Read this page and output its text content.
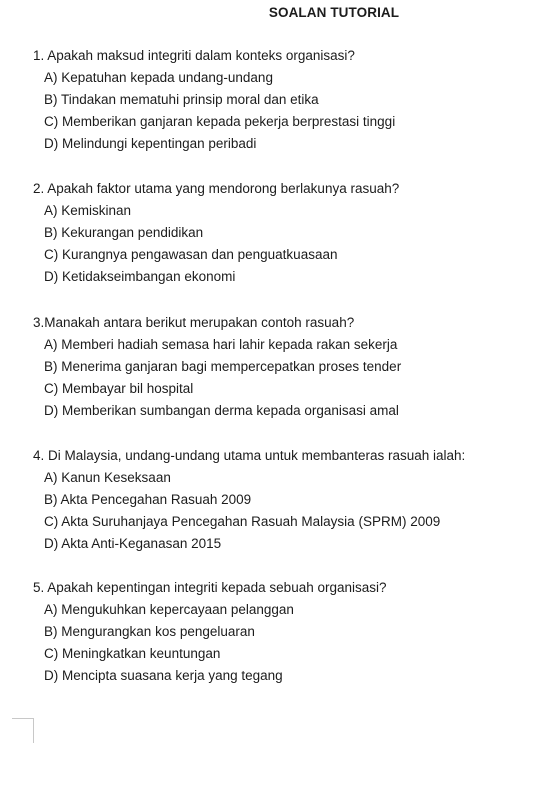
SOALAN TUTORIAL
1. Apakah maksud integriti dalam konteks organisasi?
A) Kepatuhan kepada undang-undang
B) Tindakan mematuhi prinsip moral dan etika
C) Memberikan ganjaran kepada pekerja berprestasi tinggi
D) Melindungi kepentingan peribadi
2. Apakah faktor utama yang mendorong berlakunya rasuah?
A) Kemiskinan
B) Kekurangan pendidikan
C) Kurangnya pengawasan dan penguatkuasaan
D) Ketidakseimbangan ekonomi
3.Manakah antara berikut merupakan contoh rasuah?
A) Memberi hadiah semasa hari lahir kepada rakan sekerja
B) Menerima ganjaran bagi mempercepatkan proses tender
C) Membayar bil hospital
D) Memberikan sumbangan derma kepada organisasi amal
4. Di Malaysia, undang-undang utama untuk membanteras rasuah ialah:
A) Kanun Keseksaan
B) Akta Pencegahan Rasuah 2009
C) Akta Suruhanjaya Pencegahan Rasuah Malaysia (SPRM) 2009
D) Akta Anti-Keganasan 2015
5. Apakah kepentingan integriti kepada sebuah organisasi?
A) Mengukuhkan kepercayaan pelanggan
B) Mengurangkan kos pengeluaran
C) Meningkatkan keuntungan
D) Mencipta suasana kerja yang tegang
